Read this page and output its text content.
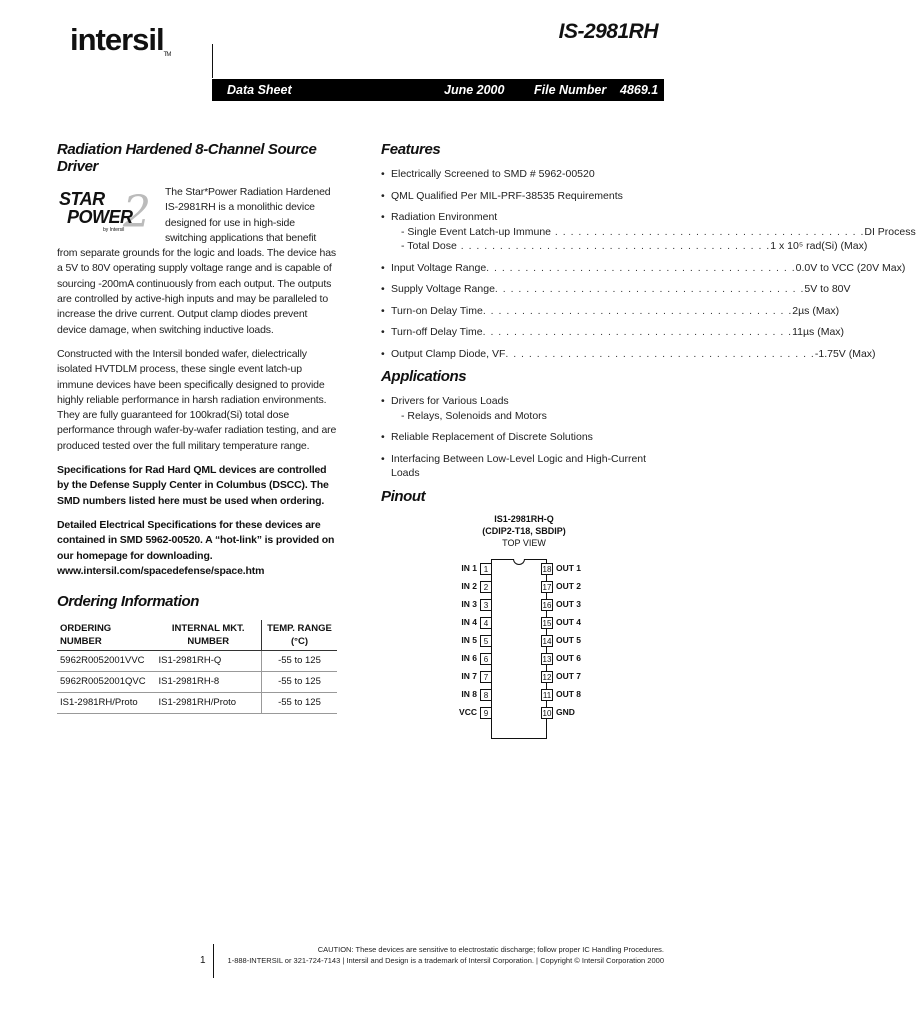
intersilTM
IS-2981RH
Data Sheet	June 2000 File Number 4869.1
Radiation Hardened 8-Channel Source Driver
STAR 2
POWER
by Intersil

The Star*Power Radiation Hardened IS-2981RH is a monolithic device designed for use in high-side switching applications that benefit from separate grounds for the logic and loads. The device has a 5V to 80V operating supply voltage range and is capable of sourcing -200mA continuously from each output. The outputs are controlled by active-high inputs and may be paralleled to increase the drive current. Output clamp diodes prevent device damage, when switching inductive loads.

Constructed with the Intersil bonded wafer, dielectrically isolated HVTDLM process, these single event latch-up immune devices have been specifically designed to provide highly reliable performance in harsh radiation environments. They are fully guaranteed for 100krad(Si) total dose performance through wafer-by-wafer radiation testing, and are produced tested over the full military temperature range.

Specifications for Rad Hard QML devices are controlled by the Defense Supply Center in Columbus (DSCC). The SMD numbers listed here must be used when ordering.

Detailed Electrical Specifications for these devices are contained in SMD 5962-00520. A “hot-link” is provided on our homepage for downloading.

www.intersil.com/spacedefense/space.htm

Ordering Information
ORDERING NUMBER	INTERNAL MKT. NUMBER	TEMP. RANGE (°C)
5962R0052001VVC	IS1-2981RH-Q	-55 to 125
5962R0052001QVC	IS1-2981RH-8	-55 to 125
IS1-2981RH/Proto	IS1-2981RH/Proto	-55 to 125
Features
• Electrically Screened to SMD # 5962-00520
• QML Qualified Per MIL-PRF-38535 Requirements
• Radiation Environment
- Single Event Latch-up Immune . . .	DI Process
- Total Dose . . .	1 x 10⁵ rad(Si) (Max)
• Input Voltage Range . . .	0.0V to VCC (20V Max)
• Supply Voltage Range . . .	5V to 80V
• Turn-on Delay Time . . .	2µs (Max)
• Turn-off Delay Time . . .	11µs (Max)
• Output Clamp Diode, VF . . .	-1.75V (Max)
Applications
• Drivers for Various Loads
- Relays, Solenoids and Motors
• Reliable Replacement of Discrete Solutions
• Interfacing Between Low-Level Logic and High-Current Loads
Pinout
IS1-2981RH-Q
(CDIP2-T18, SBDIP)
TOP VIEW
IN 1 1
IN 2 2
IN 3 3
IN 4 4
IN 5 5
IN 6 6
IN 7 7
IN 8 8
VCC 9
18 OUT 1
17 OUT 2
16 OUT 3
15 OUT 4
14 OUT 5
13 OUT 6
12 OUT 7
11 OUT 8
10 GND
1
CAUTION: These devices are sensitive to electrostatic discharge; follow proper IC Handling Procedures.
1-888-INTERSIL or 321-724-7143 | Intersil and Design is a trademark of Intersil Corporation. | Copyright © Intersil Corporation 2000
